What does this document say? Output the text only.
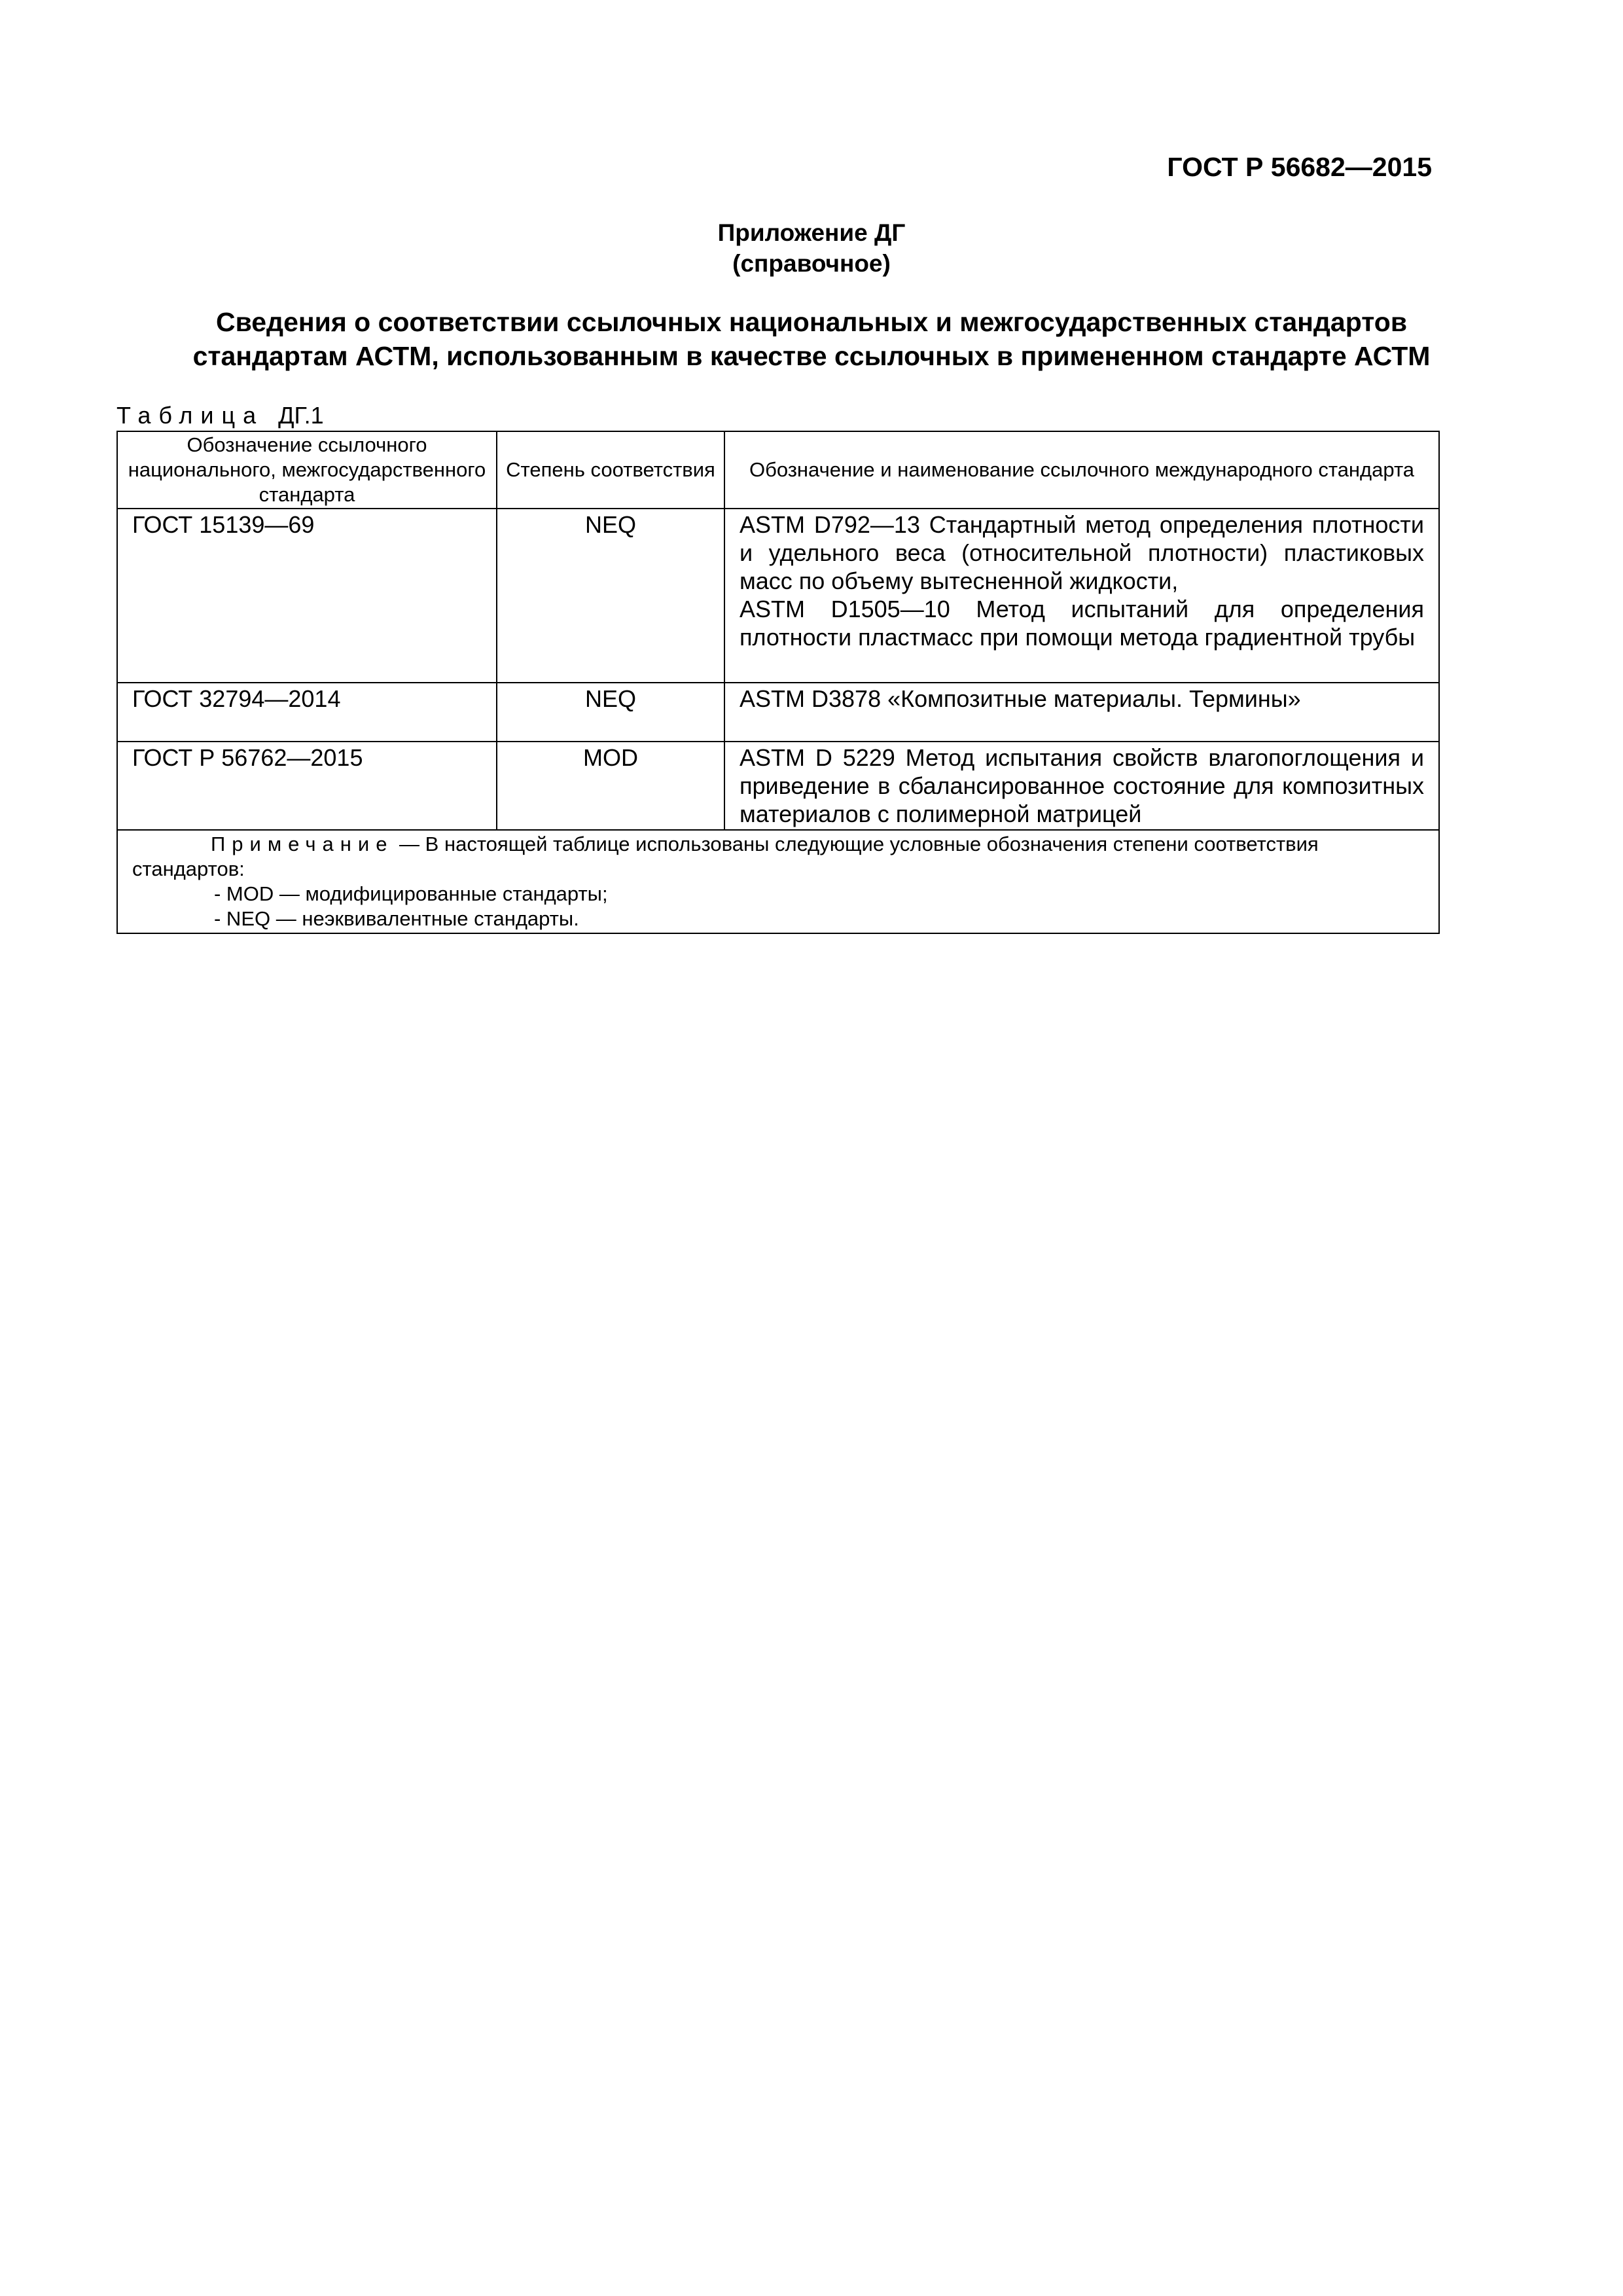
ГОСТ Р 56682—2015
Приложение ДГ
(справочное)
Сведения о соответствии ссылочных национальных и межгосударственных стандартов
стандартам АСТМ, использованным в качестве ссылочных в примененном стандарте АСТМ
Таблица ДГ.1
Обозначение ссылочного национального, межгосударственного стандарта	Степень соответствия	Обозначение и наименование ссылочного международного стандарта
ГОСТ 15139—69	NEQ	ASTM D792—13 Стандартный метод определения плотности и удельного веса (относительной плотности) пластиковых масс по объему вытесненной жидкости,
ASTM D1505—10 Метод испытаний для определения плотности пластмасс при помощи метода градиентной трубы

ГОСТ 32794—2014	NEQ	ASTM D3878 «Композитные материалы. Термины»

ГОСТ Р 56762—2015	MOD	ASTM D 5229 Метод испытания свойств влагопоглощения и приведение в сбалансированное состояние для композитных материалов с полимерной матрицей

Примечание — В настоящей таблице использованы следующие условные обозначения степени соответствия стандартов:
- MOD — модифицированные стандарты;
- NEQ — неэквивалентные стандарты.		
